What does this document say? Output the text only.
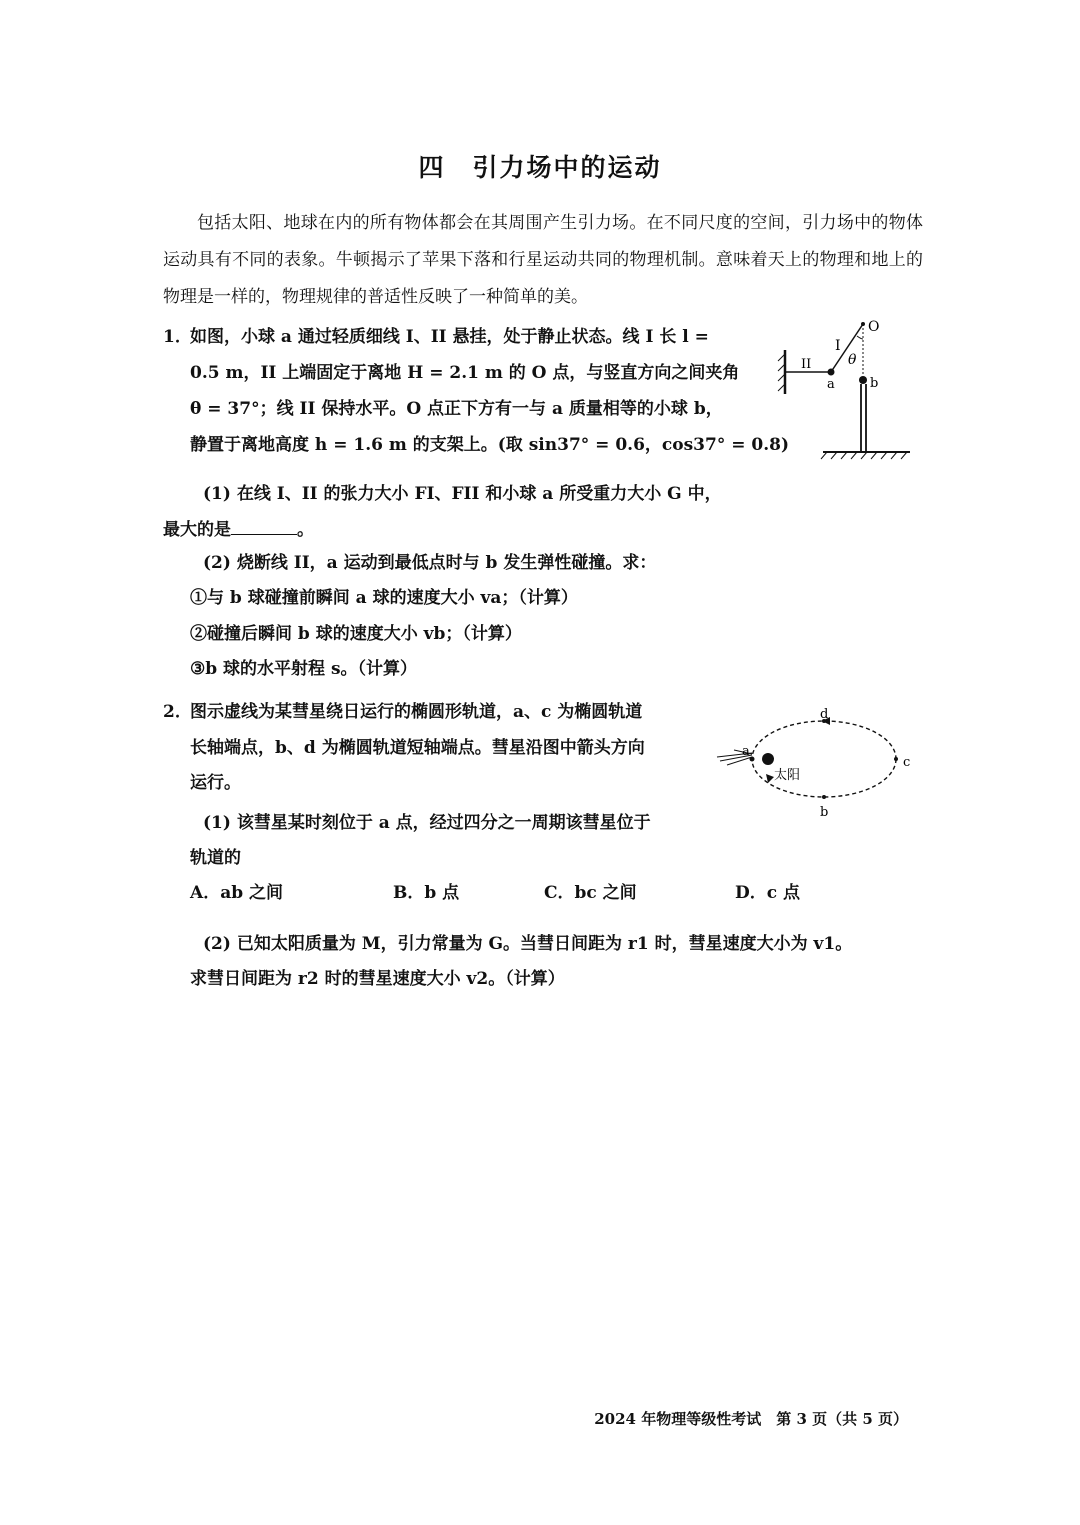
四　引力场中的运动
包括太阳、地球在内的所有物体都会在其周围产生引力场。在不同尺度的空间，引力场中的物体运动具有不同的表象。牛顿揭示了苹果下落和行星运动共同的物理机制。意味着天上的物理和地上的物理是一样的，物理规律的普适性反映了一种简单的美。
1．
如图，小球 a 通过轻质细线 I、II 悬挂，处于静止状态。线 I 长 l =
0.5 m，II 上端固定于离地 H = 2.1 m 的 O 点，与竖直方向之间夹角
θ = 37°；线 II 保持水平。O 点正下方有一与 a 质量相等的小球 b，
静置于离地高度 h = 1.6 m 的支架上。(取 sin37° = 0.6，cos37° = 0.8)
O
I
θ
II
a	b
(1) 在线 I、II 的张力大小 FI、FII 和小球 a 所受重力大小 G 中，
最大的是	。
(2) 烧断线 II，a 运动到最低点时与 b 发生弹性碰撞。求：
①与 b 球碰撞前瞬间 a 球的速度大小 va；（计算）
②碰撞后瞬间 b 球的速度大小 vb；（计算）
③b 球的水平射程 s。（计算）
2．
图示虚线为某彗星绕日运行的椭圆形轨道，a、c 为椭圆轨道
长轴端点，b、d 为椭圆轨道短轴端点。彗星沿图中箭头方向
运行。
a
d
b
c
太阳
(1) 该彗星某时刻位于 a 点，经过四分之一周期该彗星位于
轨道的
A．ab 之间	B．b 点	C．bc 之间	D．c 点
(2) 已知太阳质量为 M，引力常量为 G。当彗日间距为 r1 时，彗星速度大小为 v1。
求彗日间距为 r2 时的彗星速度大小 v2。（计算）
2024 年物理等级性考试　第 3 页（共 5 页）
